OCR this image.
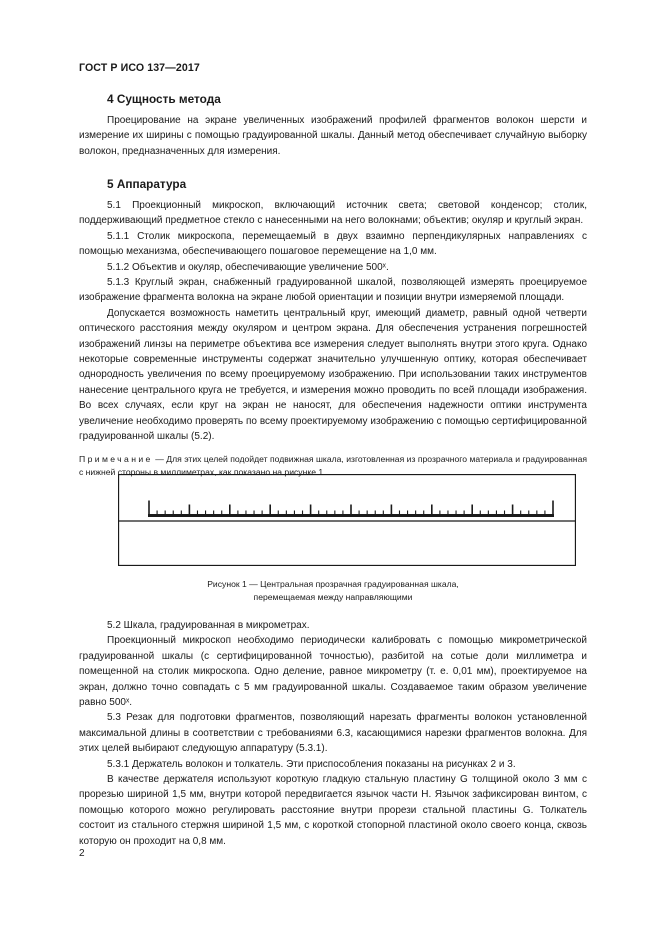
ГОСТ Р ИСО 137—2017
4 Сущность метода

Проецирование на экране увеличенных изображений профилей фрагментов волокон шерсти и измерение их ширины с помощью градуированной шкалы. Данный метод обеспечивает случайную выборку волокон, предназначенных для измерения.

5 Аппаратура

5.1 Проекционный микроскоп, включающий источник света; световой конденсор; столик, поддерживающий предметное стекло с нанесенными на него волокнами; объектив; окуляр и круглый экран.

5.1.1 Столик микроскопа, перемещаемый в двух взаимно перпендикулярных направлениях с помощью механизма, обеспечивающего пошаговое перемещение на 1,0 мм.

5.1.2 Объектив и окуляр, обеспечивающие увеличение 500ˣ.

5.1.3 Круглый экран, снабженный градуированной шкалой, позволяющей измерять проецируемое изображение фрагмента волокна на экране любой ориентации и позиции внутри измеряемой площади.

Допускается возможность наметить центральный круг, имеющий диаметр, равный одной четверти оптического расстояния между окуляром и центром экрана. Для обеспечения устранения погрешностей изображений линзы на периметре объектива все измерения следует выполнять внутри этого круга. Однако некоторые современные инструменты содержат значительно улучшенную оптику, которая обеспечивает однородность увеличения по всему проецируемому изображению. При использовании таких инструментов нанесение центрального круга не требуется, и измерения можно проводить по всей площади изображения. Во всех случаях, если круг на экран не наносят, для обеспечения надежности оптики инструмента увеличение необходимо проверять по всему проектируемому изображению с помощью сертифицированной градуированной шкалы (5.2).

Примечание — Для этих целей подойдет подвижная шкала, изготовленная из прозрачного материала и градуированная с нижней стороны в миллиметрах, как показано на рисунке 1.

Рисунок 1 — Центральная прозрачная градуированная шкала,

перемещаемая между направляющими

5.2 Шкала, градуированная в микрометрах.

Проекционный микроскоп необходимо периодически калибровать с помощью микрометрической градуированной шкалы (с сертифицированной точностью), разбитой на сотые доли миллиметра и помещенной на столик микроскопа. Одно деление, равное микрометру (т. е. 0,01 мм), проектируемое на экран, должно точно совпадать с 5 мм градуированной шкалы. Создаваемое таким образом увеличение равно 500ˣ.

5.3 Резак для подготовки фрагментов, позволяющий нарезать фрагменты волокон установленной максимальной длины в соответствии с требованиями 6.3, касающимися нарезки фрагментов волокна. Для этих целей выбирают следующую аппаратуру (5.3.1).

5.3.1 Держатель волокон и толкатель. Эти приспособления показаны на рисунках 2 и 3.

В качестве держателя используют короткую гладкую стальную пластину G толщиной около 3 мм с прорезью шириной 1,5 мм, внутри которой передвигается язычок части H. Язычок зафиксирован винтом, с помощью которого можно регулировать расстояние внутри прорези стальной пластины G. Толкатель состоит из стального стержня шириной 1,5 мм, с короткой стопорной пластиной около своего конца, сквозь которую он проходит на 0,8 мм.

2
